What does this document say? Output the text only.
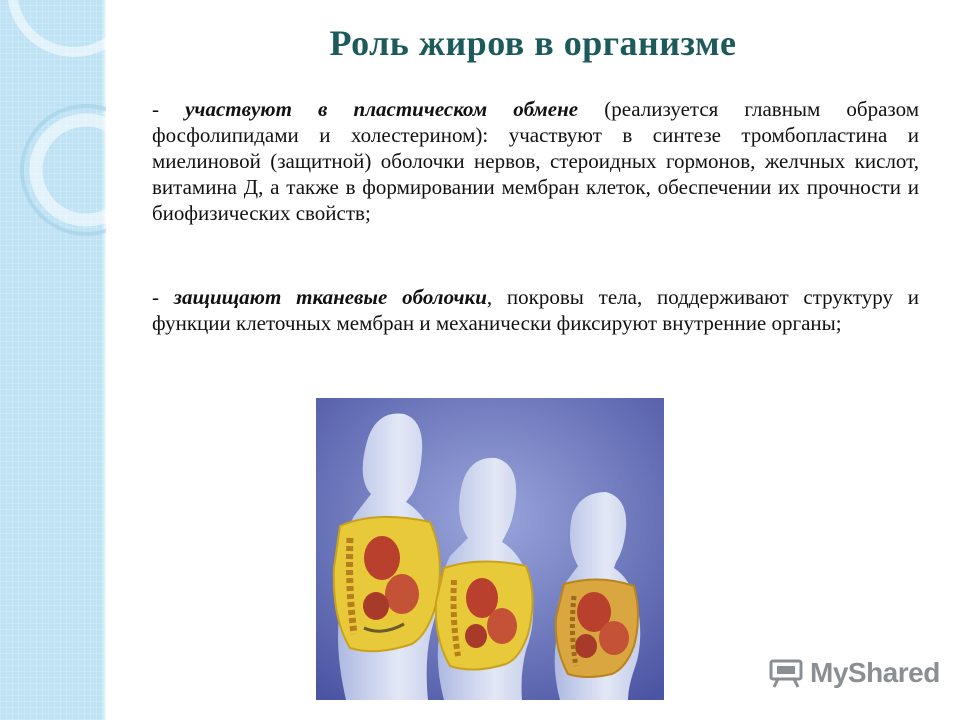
Роль жиров в организме
- участвуют в пластическом обмене (реализуется главным образом фосфолипидами и холестерином): участвуют в синтезе тромбопластина и миелиновой (защитной) оболочки нервов, стероидных гормонов, желчных кислот, витамина Д, а также в формировании мембран клеток, обеспечении их прочности и биофизических свойств;
- защищают тканевые оболочки, покровы тела, поддерживают структуру и функции клеточных мембран и механически фиксируют внутренние органы;
MyShared
